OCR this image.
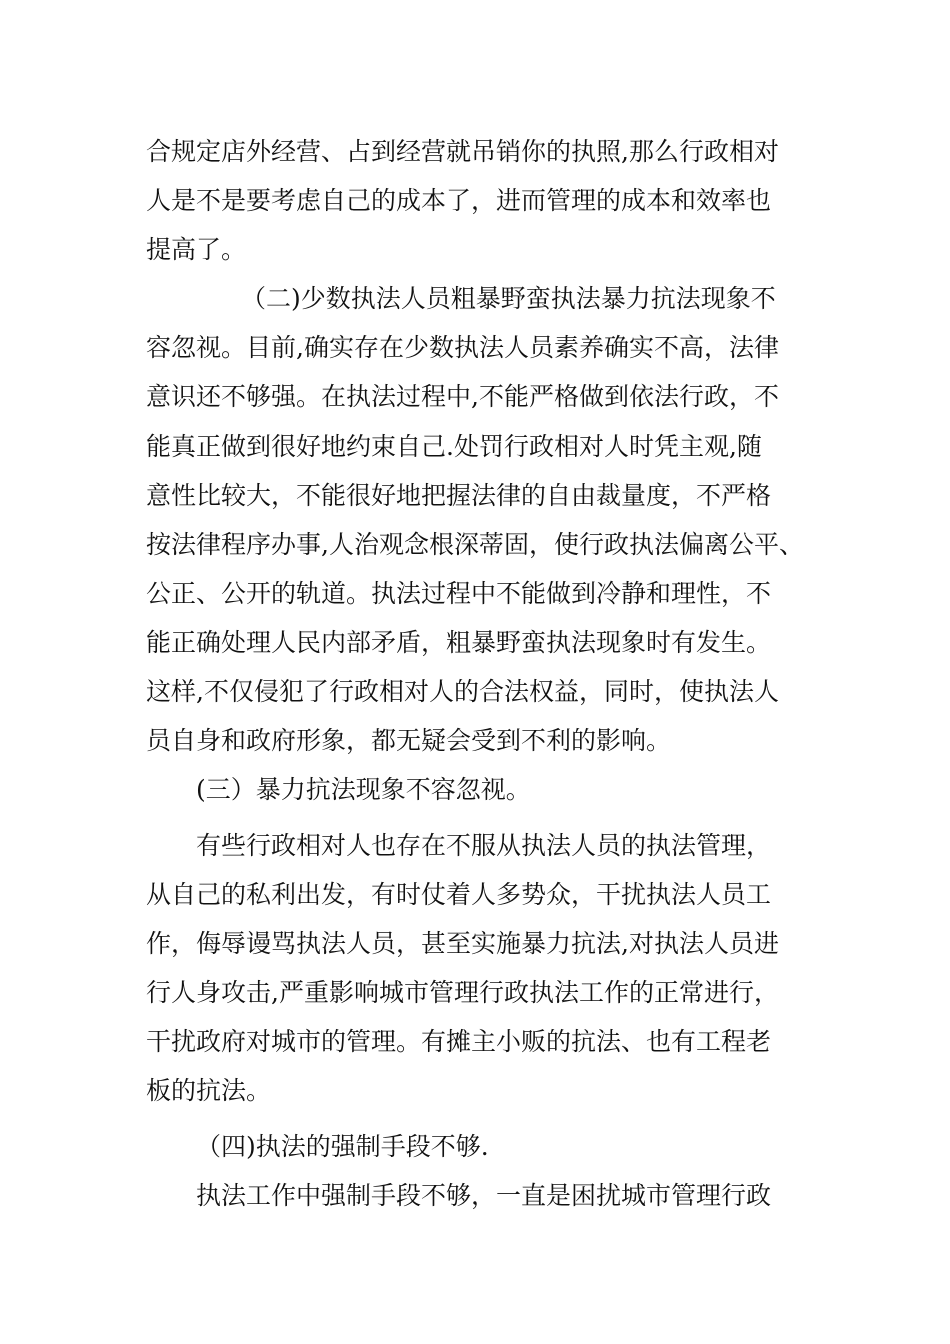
合规定店外经营、占到经营就吊销你的执照,那么行政相对
人是不是要考虑自己的成本了，进而管理的成本和效率也
提高了。
（二)少数执法人员粗暴野蛮执法暴力抗法现象不
容忽视。目前,确实存在少数执法人员素养确实不高，法律
意识还不够强。在执法过程中,不能严格做到依法行政，不
能真正做到很好地约束自己.处罚行政相对人时凭主观,随
意性比较大，不能很好地把握法律的自由裁量度，不严格
按法律程序办事,人治观念根深蒂固，使行政执法偏离公平、
公正、公开的轨道。执法过程中不能做到冷静和理性，不
能正确处理人民内部矛盾，粗暴野蛮执法现象时有发生。
这样,不仅侵犯了行政相对人的合法权益，同时，使执法人
员自身和政府形象，都无疑会受到不利的影响。
(三）暴力抗法现象不容忽视。
有些行政相对人也存在不服从执法人员的执法管理，
从自己的私利出发，有时仗着人多势众，干扰执法人员工
作，侮辱谩骂执法人员，甚至实施暴力抗法,对执法人员进
行人身攻击,严重影响城市管理行政执法工作的正常进行，
干扰政府对城市的管理。有摊主小贩的抗法、也有工程老
板的抗法。
（四)执法的强制手段不够.
执法工作中强制手段不够，一直是困扰城市管理行政
